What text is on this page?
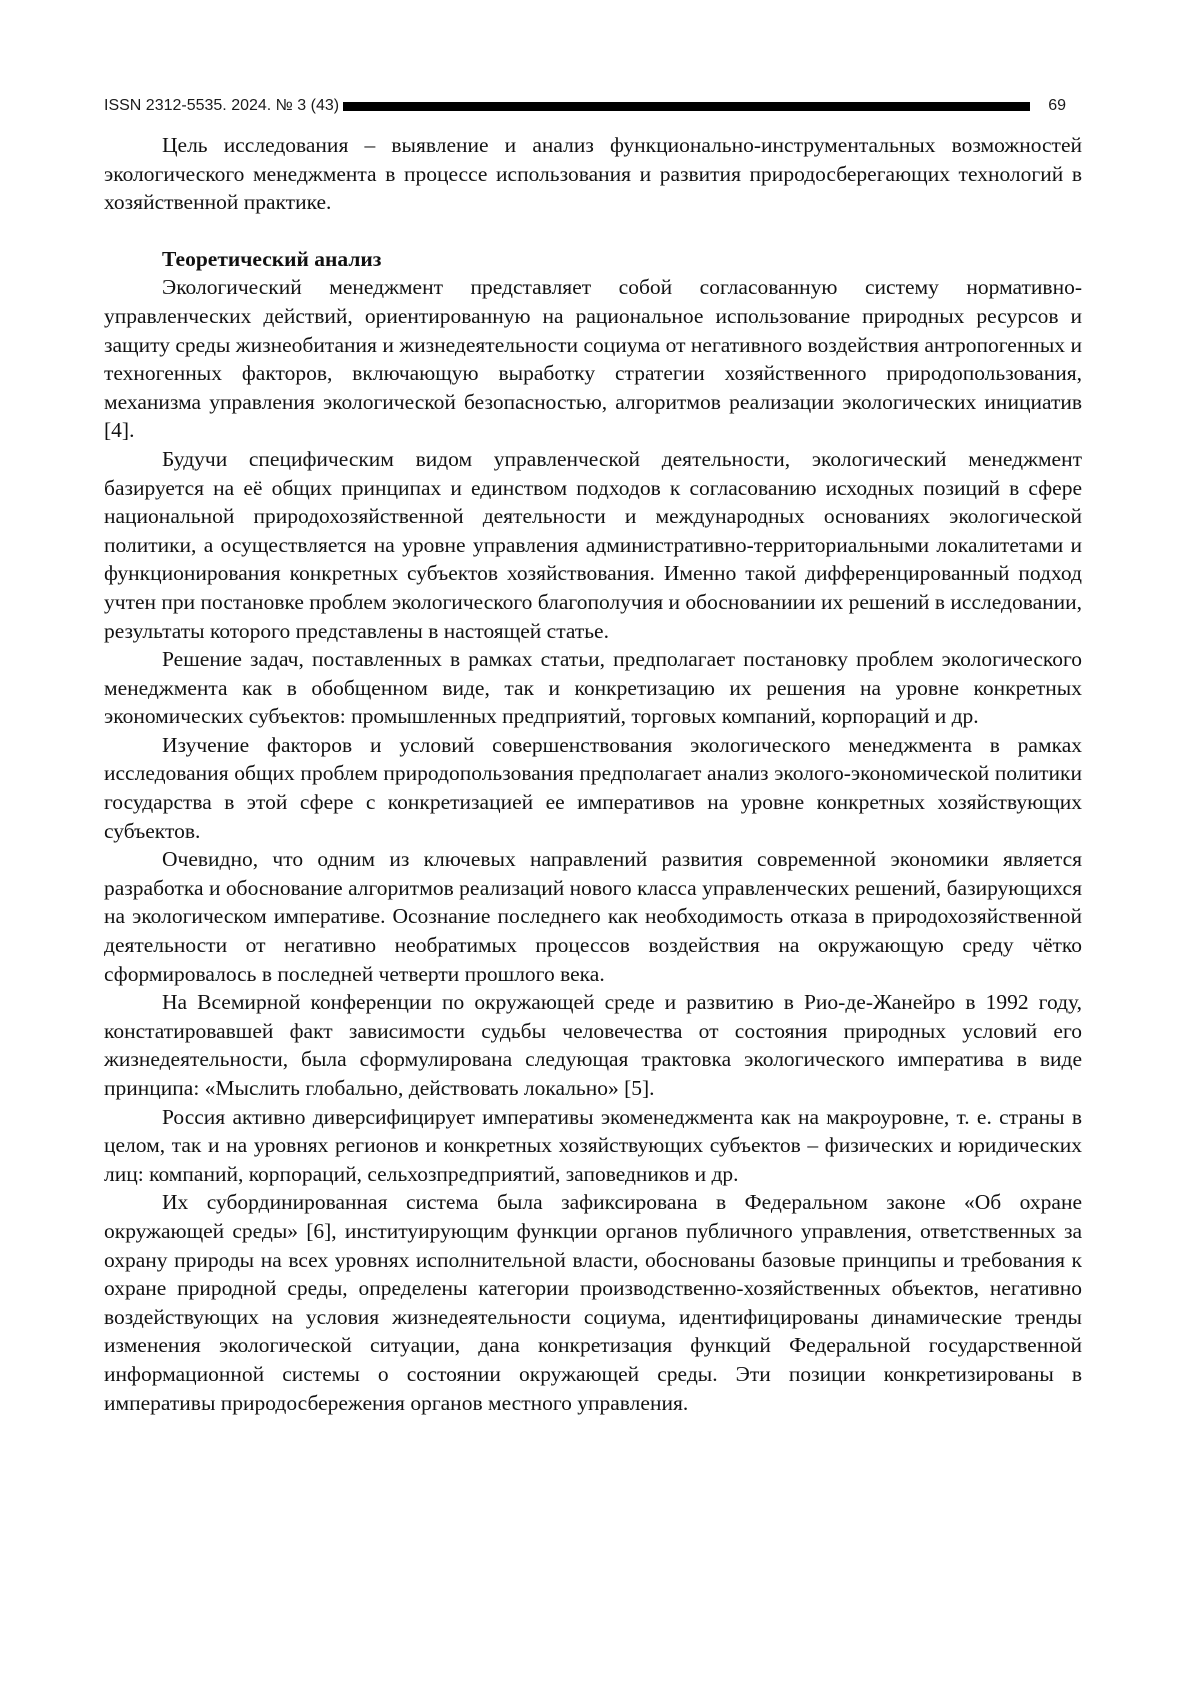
ISSN 2312-5535. 2024. № 3 (43)	69

Цель исследования – выявление и анализ функционально-инструментальных возможностей экологического менеджмента в процессе использования и развития природосберегающих технологий в хозяйственной практике.

Теоретический анализ

Экологический менеджмент представляет собой согласованную систему нормативно-управленческих действий, ориентированную на рациональное использование природных ресурсов и защиту среды жизнеобитания и жизнедеятельности социума от негативного воздействия антропогенных и техногенных факторов, включающую выработку стратегии хозяйственного природопользования, механизма управления экологической безопасностью, алгоритмов реализации экологических инициатив [4].

Будучи специфическим видом управленческой деятельности, экологический менеджмент базируется на её общих принципах и единством подходов к согласованию исходных позиций в сфере национальной природохозяйственной деятельности и международных основаниях экологической политики, а осуществляется на уровне управления административно-территориальными локалитетами и функционирования конкретных субъектов хозяйствования. Именно такой дифференцированный подход учтен при постановке проблем экологического благополучия и обоснованиии их решений в исследовании, результаты которого представлены в настоящей статье.

Решение задач, поставленных в рамках статьи, предполагает постановку проблем экологического менеджмента как в обобщенном виде, так и конкретизацию их решения на уровне конкретных экономических субъектов: промышленных предприятий, торговых компаний, корпораций и др.

Изучение факторов и условий совершенствования экологического менеджмента в рамках исследования общих проблем природопользования предполагает анализ эколого-экономической политики государства в этой сфере с конкретизацией ее императивов на уровне конкретных хозяйствующих субъектов.

Очевидно, что одним из ключевых направлений развития современной экономики является разработка и обоснование алгоритмов реализаций нового класса управленческих решений, базирующихся на экологическом императиве. Осознание последнего как необходимость отказа в природохозяйственной деятельности от негативно необратимых процессов воздействия на окружающую среду чётко сформировалось в последней четверти прошлого века.

На Всемирной конференции по окружающей среде и развитию в Рио-де-Жанейро в 1992 году, констатировавшей факт зависимости судьбы человечества от состояния природных условий его жизнедеятельности, была сформулирована следующая трактовка экологического императива в виде принципа: «Мыслить глобально, действовать локально» [5].

Россия активно диверсифицирует императивы экоменеджмента как на макроуровне, т. е. страны в целом, так и на уровнях регионов и конкретных хозяйствующих субъектов – физических и юридических лиц: компаний, корпораций, сельхозпредприятий, заповедников и др.

Их субординированная система была зафиксирована в Федеральном законе «Об охране окружающей среды» [6], институирующим функции органов публичного управления, ответственных за охрану природы на всех уровнях исполнительной власти, обоснованы базовые принципы и требования к охране природной среды, определены категории производственно-хозяйственных объектов, негативно воздействующих на условия жизнедеятельности социума, идентифицированы динамические тренды изменения экологической ситуации, дана конкретизация функций Федеральной государственной информационной системы о состоянии окружающей среды. Эти позиции конкретизированы в императивы природосбережения органов местного управления.
